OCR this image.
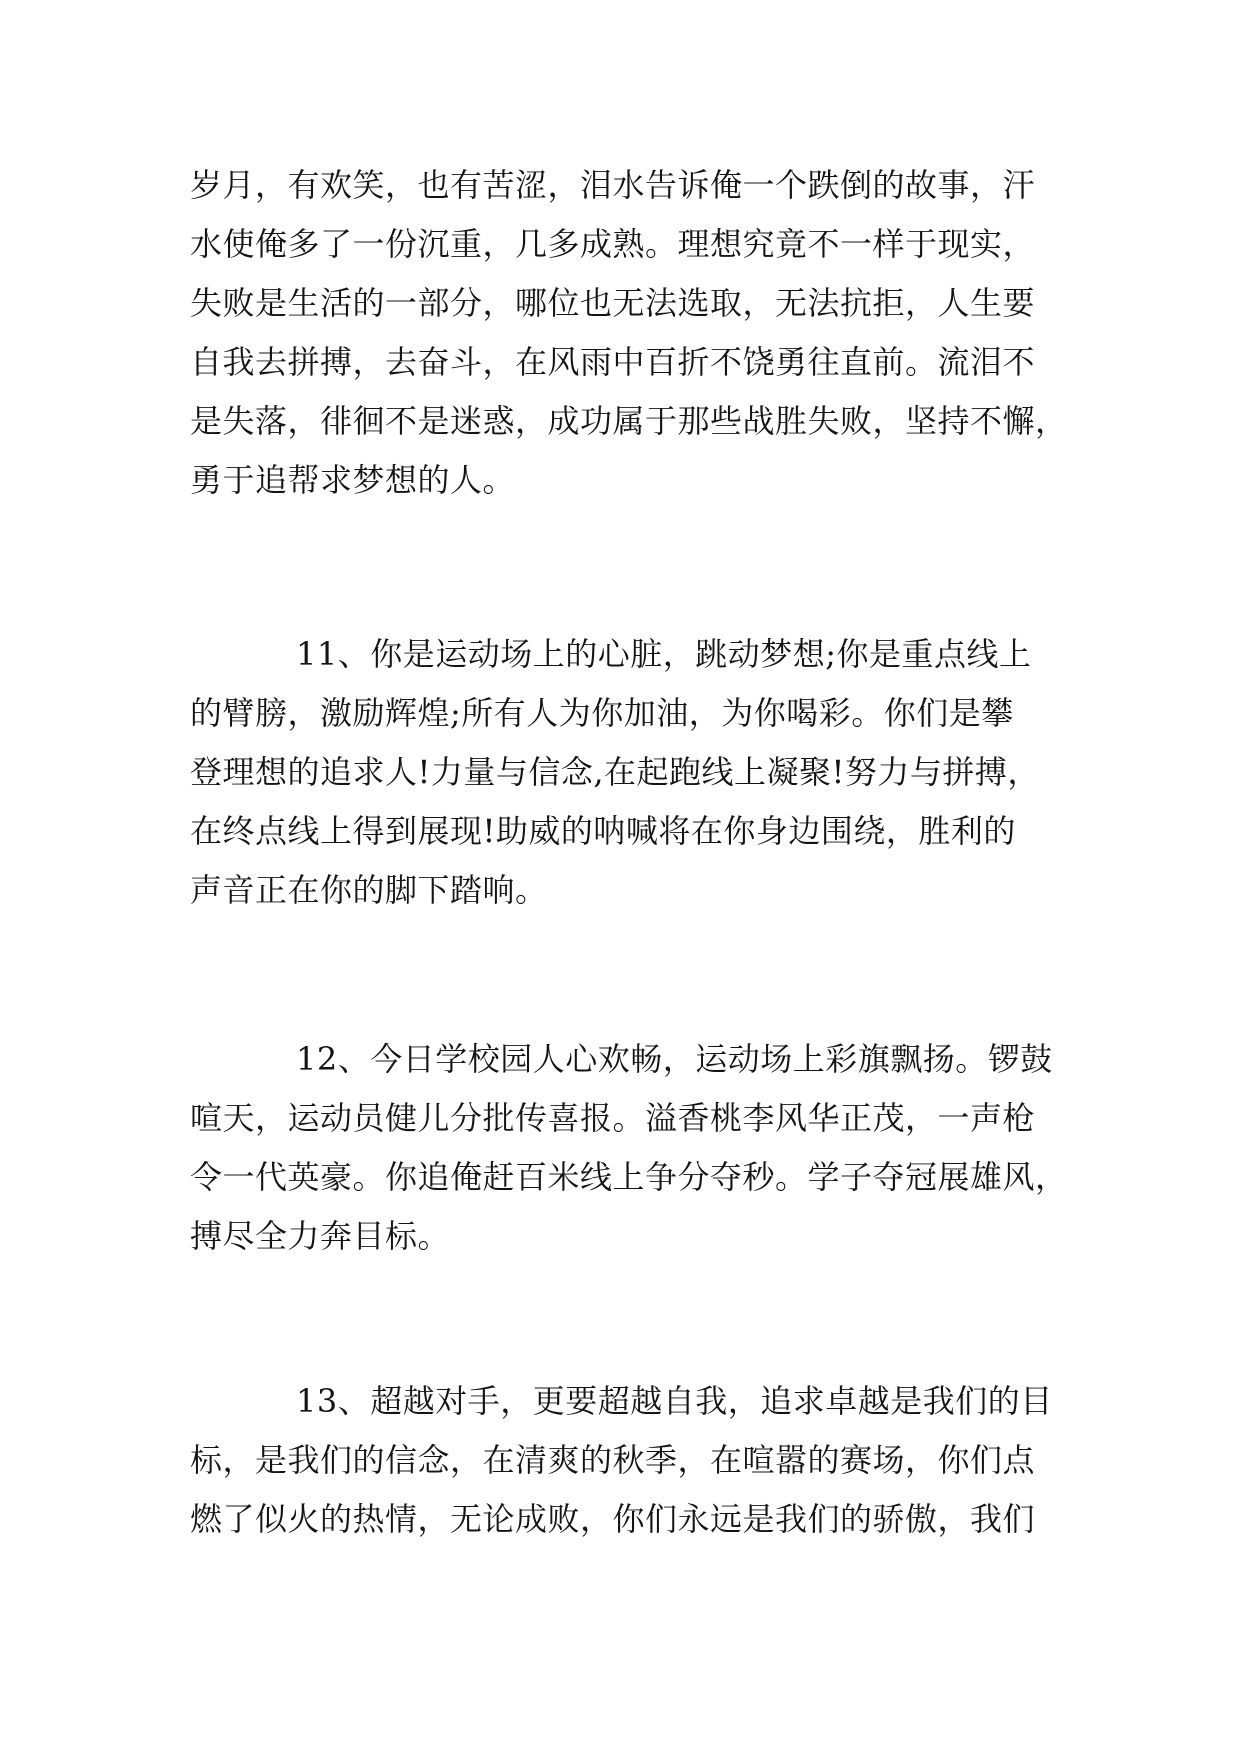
岁月，有欢笑，也有苦涩，泪水告诉俺一个跌倒的故事，汗
水使俺多了一份沉重，几多成熟。理想究竟不一样于现实，
失败是生活的一部分，哪位也无法选取，无法抗拒，人生要
自我去拼搏，去奋斗，在风雨中百折不饶勇往直前。流泪不
是失落，徘徊不是迷惑，成功属于那些战胜失败，坚持不懈，
勇于追帮求梦想的人。
11、你是运动场上的心脏，跳动梦想;你是重点线上
的臂膀，激励辉煌;所有人为你加油，为你喝彩。你们是攀
登理想的追求人!力量与信念,在起跑线上凝聚!努力与拼搏，
在终点线上得到展现!助威的呐喊将在你身边围绕，胜利的
声音正在你的脚下踏响。
12、今日学校园人心欢畅，运动场上彩旗飘扬。锣鼓
喧天，运动员健儿分批传喜报。溢香桃李风华正茂，一声枪
令一代英豪。你追俺赶百米线上争分夺秒。学子夺冠展雄风，
搏尽全力奔目标。
13、超越对手，更要超越自我，追求卓越是我们的目
标，是我们的信念，在清爽的秋季，在喧嚣的赛场，你们点
燃了似火的热情，无论成败，你们永远是我们的骄傲，我们
